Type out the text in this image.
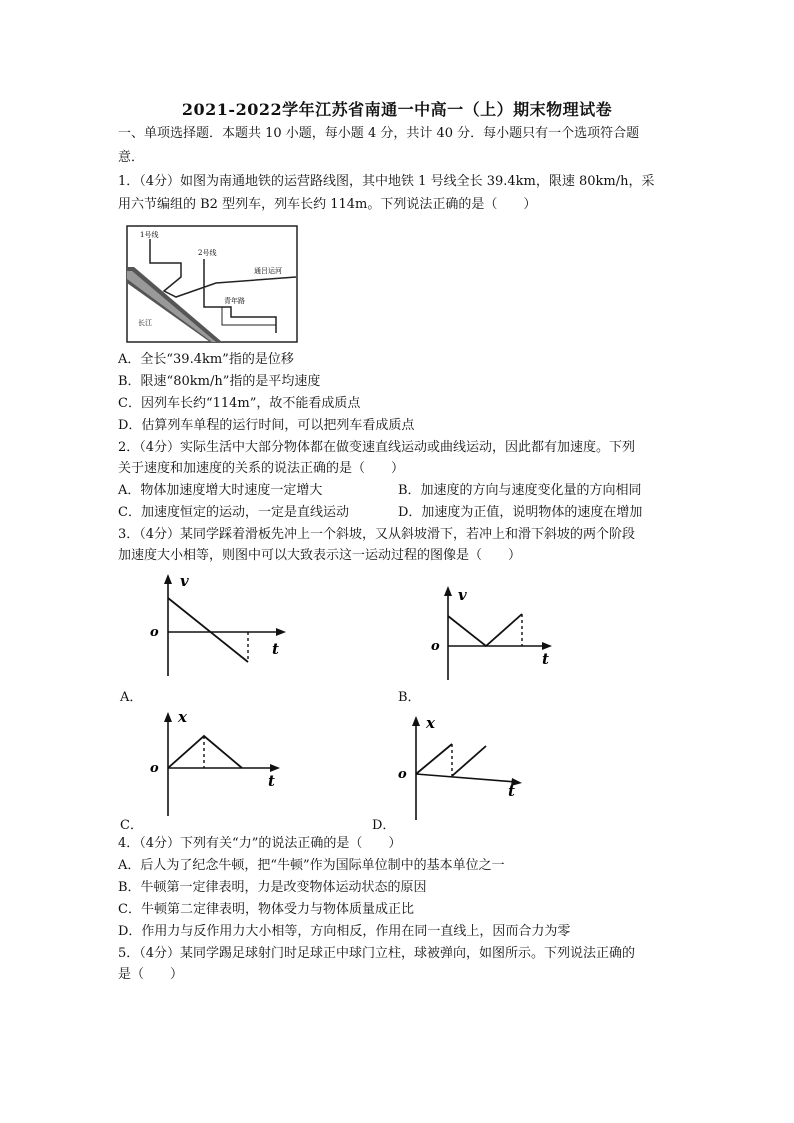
2021-2022学年江苏省南通一中高一（上）期末物理试卷
一、单项选择题．本题共 10 小题，每小题 4 分，共计 40 分．每小题只有一个选项符合题
意．
1．（4分）如图为南通地铁的运营路线图，其中地铁 1 号线全长 39.4km，限速 80km/h，采
用六节编组的 B2 型列车，列车长约 114m。下列说法正确的是（　　）
1号线
2号线
通吕运河
青年路
长江
A．全长“39.4km”指的是位移
B．限速“80km/h”指的是平均速度
C．因列车长约“114m”，故不能看成质点
D．估算列车单程的运行时间，可以把列车看成质点
2．（4分）实际生活中大部分物体都在做变速直线运动或曲线运动，因此都有加速度。下列
关于速度和加速度的关系的说法正确的是（　　）
A．物体加速度增大时速度一定增大	B．加速度的方向与速度变化量的方向相同
C．加速度恒定的运动，一定是直线运动	D．加速度为正值，说明物体的速度在增加
3．（4分）某同学踩着滑板先冲上一个斜坡，又从斜坡滑下，若冲上和滑下斜坡的两个阶段
加速度大小相等，则图中可以大致表示这一运动过程的图像是（　　）
v
o
t
A．
v
o
t
B．
x
o
t
C．
x
o
t
D．
4．（4分）下列有关“力”的说法正确的是（　　）
A．后人为了纪念牛顿，把“牛顿”作为国际单位制中的基本单位之一
B．牛顿第一定律表明，力是改变物体运动状态的原因
C．牛顿第二定律表明，物体受力与物体质量成正比
D．作用力与反作用力大小相等，方向相反，作用在同一直线上，因而合力为零
5．（4分）某同学踢足球射门时足球正中球门立柱，球被弹向，如图所示。下列说法正确的
是（　　）
